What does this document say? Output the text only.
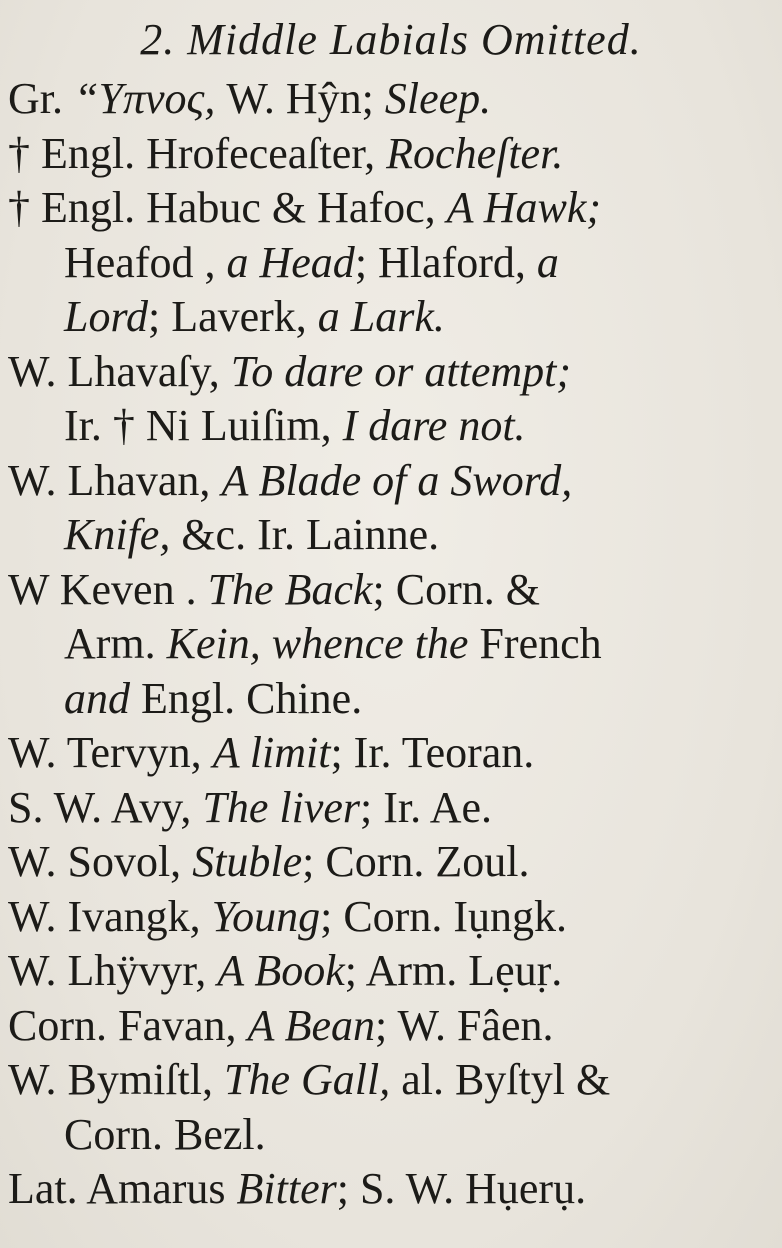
2. Middle Labials Omitted.
Gr. “Υπνος, W. Hŷn; Sleep.
† Engl. Hrofeceaſter, Rocheſter.
† Engl. Habuc & Hafoc, A Hawk;
Heafod , a Head; Hlaford, a
Lord; Laverk, a Lark.
W. Lhavaſy, To dare or attempt;
Ir. † Ni Luiſim, I dare not.
W. Lhavan, A Blade of a Sword,
Knife, &c. Ir. Lainne.
W Keven . The Back; Corn. &
Arm. Kein, whence the French
and Engl. Chine.
W. Tervyn, A limit; Ir. Teoran.
S. W. Avy, The liver; Ir. Ae.
W. Sovol, Stuble; Corn. Zoul.
W. Ivangk, Young; Corn. Iụngk.
W. Lhÿvyr, A Book; Arm. Lẹuṛ.
Corn. Favan, A Bean; W. Fâen.
W. Bymiſtl, The Gall, al. Byſtyl &
Corn. Bezl.
Lat. Amarus Bitter; S. W. Hụerụ.
